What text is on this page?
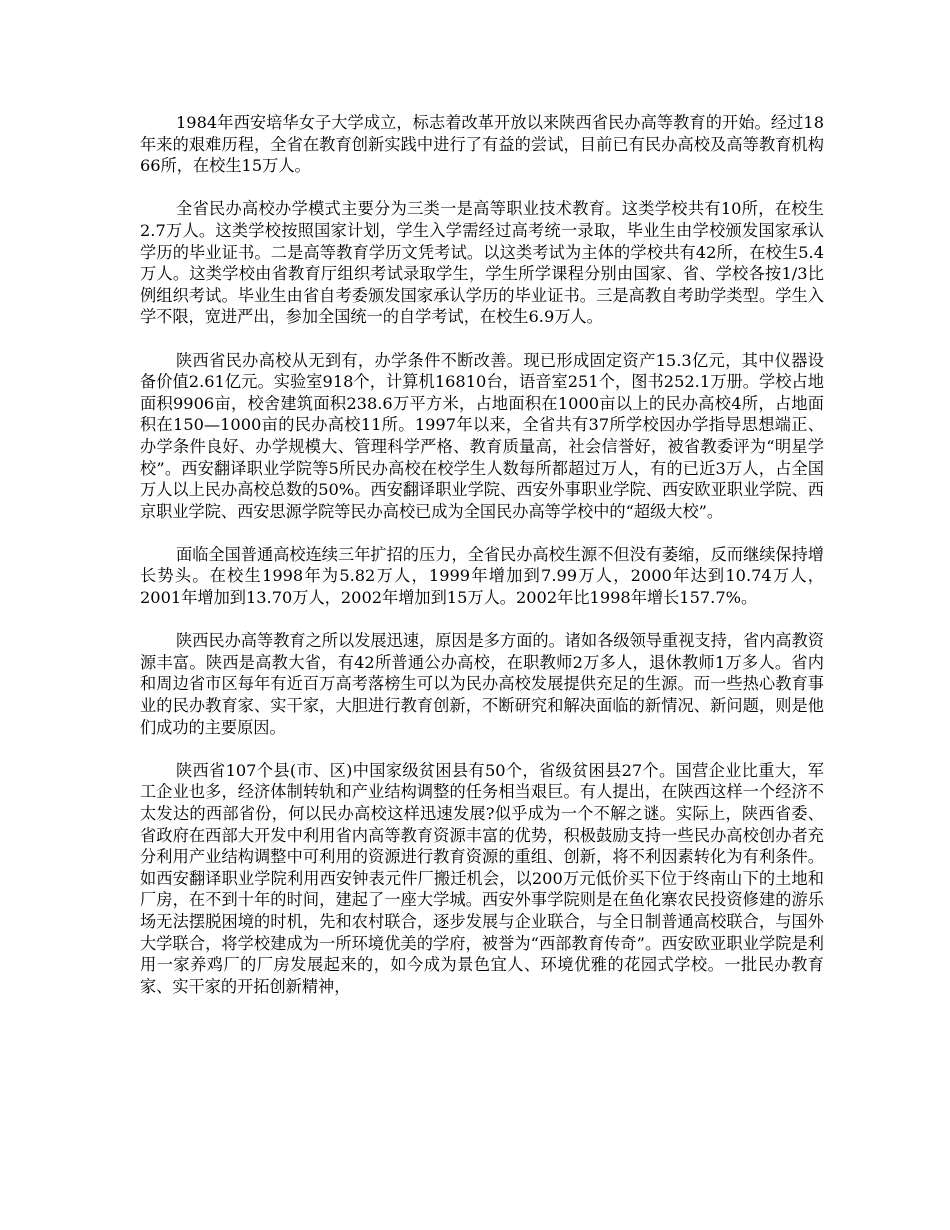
1984年西安培华女子大学成立，标志着改革开放以来陕西省民办高等教育的开始。经过18年来的艰难历程，全省在教育创新实践中进行了有益的尝试，目前已有民办高校及高等教育机构66所，在校生15万人。

全省民办高校办学模式主要分为三类一是高等职业技术教育。这类学校共有10所，在校生2.7万人。这类学校按照国家计划，学生入学需经过高考统一录取，毕业生由学校颁发国家承认学历的毕业证书。二是高等教育学历文凭考试。以这类考试为主体的学校共有42所，在校生5.4万人。这类学校由省教育厅组织考试录取学生，学生所学课程分别由国家、省、学校各按1/3比例组织考试。毕业生由省自考委颁发国家承认学历的毕业证书。三是高教自考助学类型。学生入学不限，宽进严出，参加全国统一的自学考试，在校生6.9万人。

陕西省民办高校从无到有，办学条件不断改善。现已形成固定资产15.3亿元，其中仪器设备价值2.61亿元。实验室918个，计算机16810台，语音室251个，图书252.1万册。学校占地面积9906亩，校舍建筑面积238.6万平方米，占地面积在1000亩以上的民办高校4所，占地面积在150—1000亩的民办高校11所。1997年以来，全省共有37所学校因办学指导思想端正、办学条件良好、办学规模大、管理科学严格、教育质量高，社会信誉好，被省教委评为“明星学校”。西安翻译职业学院等5所民办高校在校学生人数每所都超过万人，有的已近3万人，占全国万人以上民办高校总数的50%。西安翻译职业学院、西安外事职业学院、西安欧亚职业学院、西京职业学院、西安思源学院等民办高校已成为全国民办高等学校中的“超级大校”。

面临全国普通高校连续三年扩招的压力，全省民办高校生源不但没有萎缩，反而继续保持增长势头。在校生1998年为5.82万人，1999年增加到7.99万人，2000年达到10.74万人，2001年增加到13.70万人，2002年增加到15万人。2002年比1998年增长157.7%。

陕西民办高等教育之所以发展迅速，原因是多方面的。诸如各级领导重视支持，省内高教资源丰富。陕西是高教大省，有42所普通公办高校，在职教师2万多人，退休教师1万多人。省内和周边省市区每年有近百万高考落榜生可以为民办高校发展提供充足的生源。而一些热心教育事业的民办教育家、实干家，大胆进行教育创新，不断研究和解决面临的新情况、新问题，则是他们成功的主要原因。

陕西省107个县(市、区)中国家级贫困县有50个，省级贫困县27个。国营企业比重大，军工企业也多，经济体制转轨和产业结构调整的任务相当艰巨。有人提出，在陕西这样一个经济不太发达的西部省份，何以民办高校这样迅速发展?似乎成为一个不解之谜。实际上，陕西省委、省政府在西部大开发中利用省内高等教育资源丰富的优势，积极鼓励支持一些民办高校创办者充分利用产业结构调整中可利用的资源进行教育资源的重组、创新，将不利因素转化为有利条件。如西安翻译职业学院利用西安钟表元件厂搬迁机会，以200万元低价买下位于终南山下的土地和厂房，在不到十年的时间，建起了一座大学城。西安外事学院则是在鱼化寨农民投资修建的游乐场无法摆脱困境的时机，先和农村联合，逐步发展与企业联合，与全日制普通高校联合，与国外大学联合，将学校建成为一所环境优美的学府，被誉为“西部教育传奇”。西安欧亚职业学院是利用一家养鸡厂的厂房发展起来的，如今成为景色宜人、环境优雅的花园式学校。一批民办教育家、实干家的开拓创新精神，
